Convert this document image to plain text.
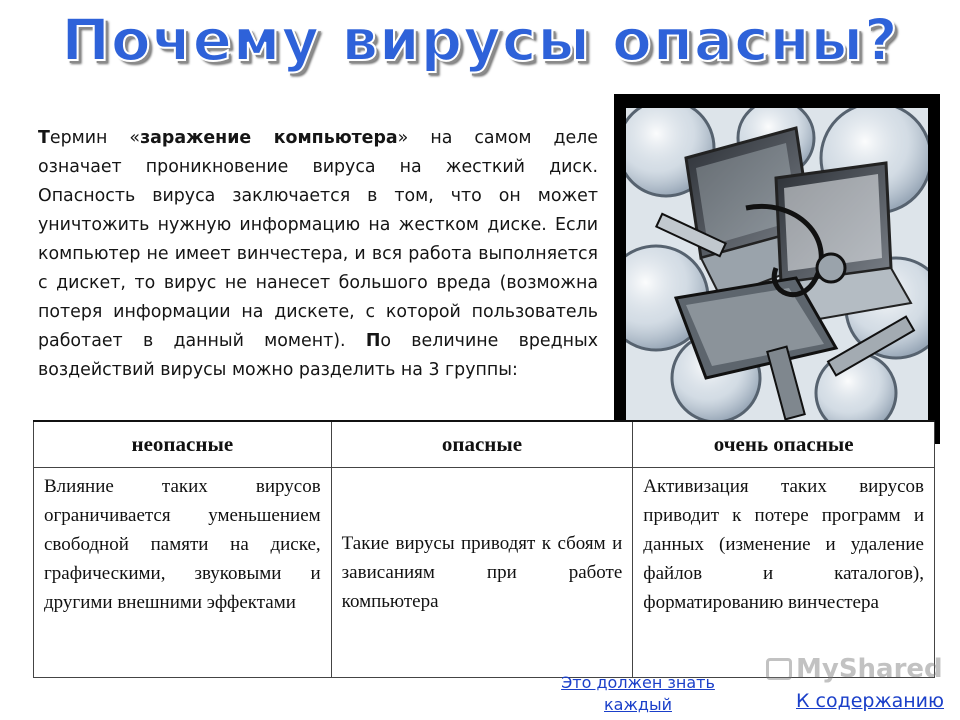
Почему вирусы опасны?
Термин «заражение компьютера» на самом деле означает проникновение вируса на жесткий диск. Опасность вируса заключается в том, что он может уничтожить нужную информацию на жестком диске. Если компьютер не имеет винчестера, и вся работа выполняется с дискет, то вирус не нанесет большого вреда (возможна потеря информации на дискете, с которой пользователь работает в данный момент). По величине вредных воздействий вирусы можно разделить на 3 группы:
неопасные	опасные	очень опасные
Влияние таких вирусов ограничивается уменьшением свободной памяти на диске, графическими, звуковыми и другими внешними эффектами	Такие вирусы приводят к сбоям и зависаниям при работе компьютера	Активизация таких вирусов приводит к потере программ и данных (изменение и удаление файлов и каталогов), форматированию винчестера
MyShared
Это должен знать каждый	К содержанию
